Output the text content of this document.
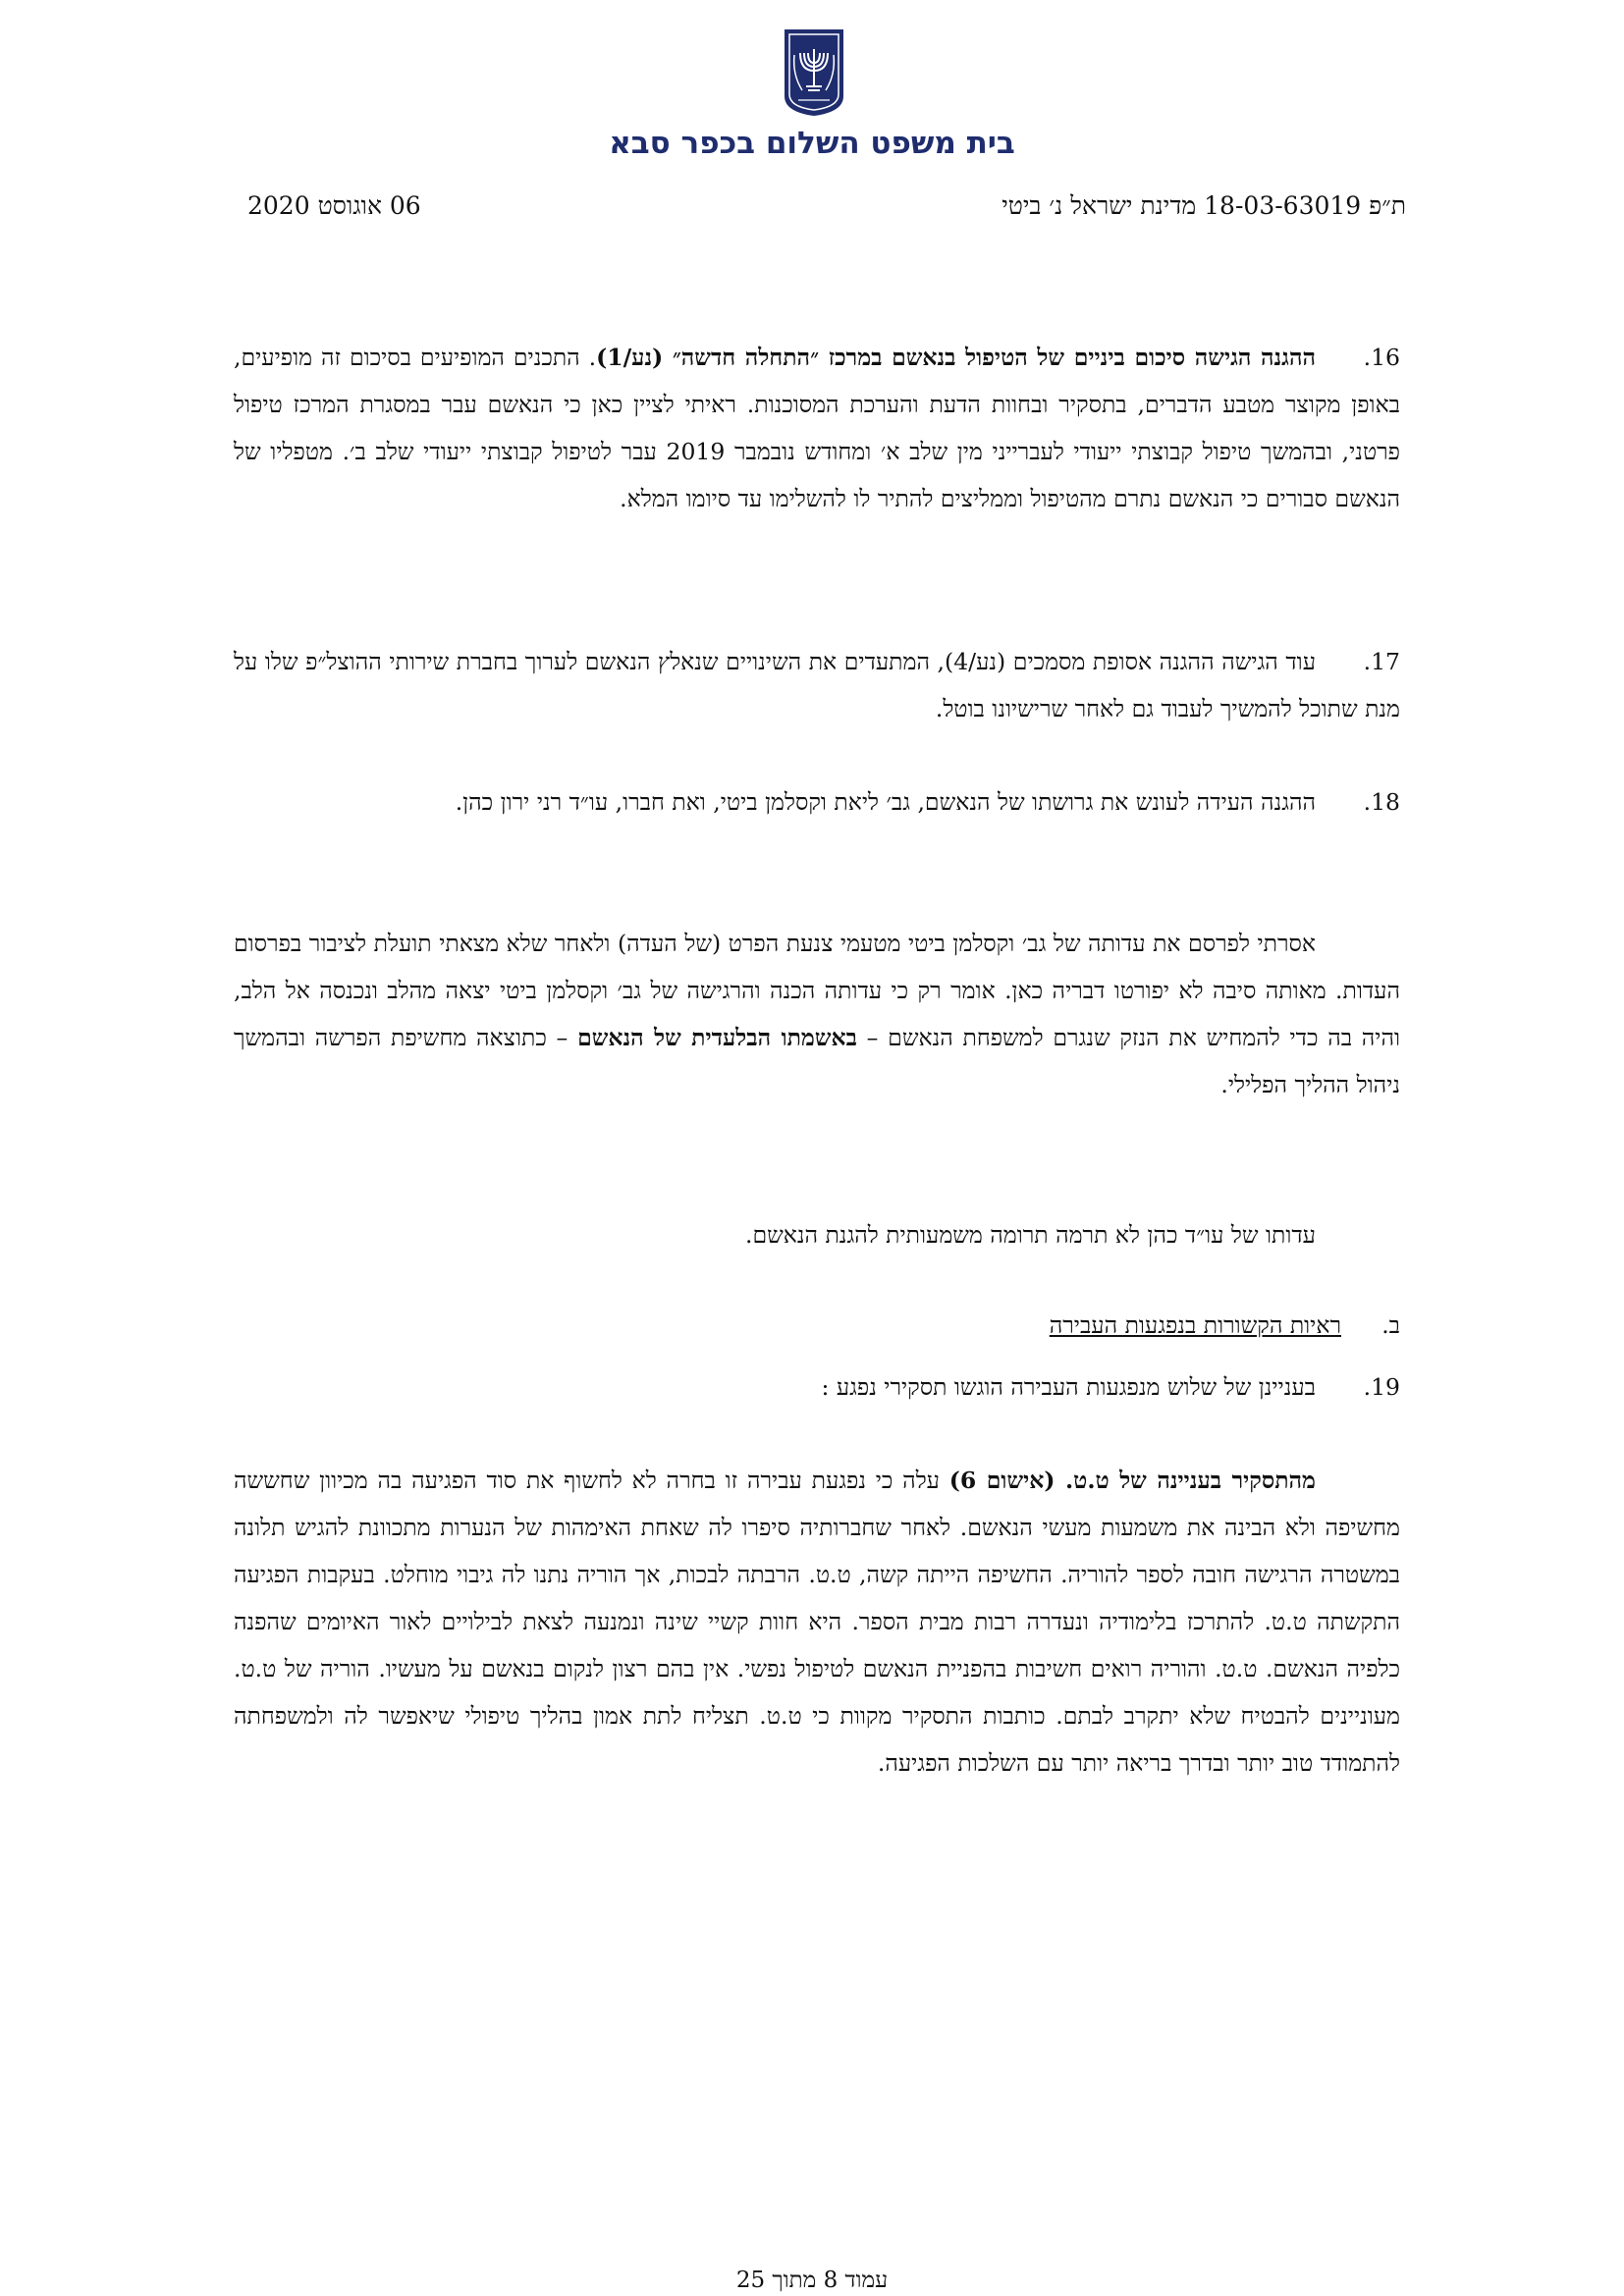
בית משפט השלום בכפר סבא
ת״פ 18-03-63019 מדינת ישראל נ׳ ביטי
06 אוגוסט 2020
16.ההגנה הגישה סיכום ביניים של הטיפול בנאשם במרכז ״התחלה חדשה״ (נע/1). התכנים המופיעים בסיכום זה מופיעים, באופן מקוצר מטבע הדברים, בתסקיר ובחוות הדעת והערכת המסוכנות. ראיתי לציין כאן כי הנאשם עבר במסגרת המרכז טיפול פרטני, ובהמשך טיפול קבוצתי ייעודי לעברייני מין שלב א׳ ומחודש נובמבר 2019 עבר לטיפול קבוצתי ייעודי שלב ב׳. מטפליו של הנאשם סבורים כי הנאשם נתרם מהטיפול וממליצים להתיר לו להשלימו עד סיומו המלא.
17.עוד הגישה ההגנה אסופת מסמכים (נע/4), המתעדים את השינויים שנאלץ הנאשם לערוך בחברת שירותי ההוצל״פ שלו על מנת שתוכל להמשיך לעבוד גם לאחר שרישיונו בוטל.
18.ההגנה העידה לעונש את גרושתו של הנאשם, גב׳ ליאת וקסלמן ביטי, ואת חברו, עו״ד רני ירון כהן.
אסרתי לפרסם את עדותה של גב׳ וקסלמן ביטי מטעמי צנעת הפרט (של העדה) ולאחר שלא מצאתי תועלת לציבור בפרסום העדות. מאותה סיבה לא יפורטו דבריה כאן. אומר רק כי עדותה הכנה והרגישה של גב׳ וקסלמן ביטי יצאה מהלב ונכנסה אל הלב, והיה בה כדי להמחיש את הנזק שנגרם למשפחת הנאשם – באשמתו הבלעדית של הנאשם – כתוצאה מחשיפת הפרשה ובהמשך ניהול ההליך הפלילי.
עדותו של עו״ד כהן לא תרמה תרומה משמעותית להגנת הנאשם.
ב.ראיות הקשורות בנפגעות העבירה
19.בעניינן של שלוש מנפגעות העבירה הוגשו תסקירי נפגע :
מהתסקיר בעניינה של ט.ט. (אישום 6) עלה כי נפגעת עבירה זו בחרה לא לחשוף את סוד הפגיעה בה מכיוון שחששה מחשיפה ולא הבינה את משמעות מעשי הנאשם. לאחר שחברותיה סיפרו לה שאחת האימהות של הנערות מתכוונת להגיש תלונה במשטרה הרגישה חובה לספר להוריה. החשיפה הייתה קשה, ט.ט. הרבתה לבכות, אך הוריה נתנו לה גיבוי מוחלט. בעקבות הפגיעה התקשתה ט.ט. להתרכז בלימודיה ונעדרה רבות מבית הספר. היא חוות קשיי שינה ונמנעה לצאת לבילויים לאור האיומים שהפנה כלפיה הנאשם. ט.ט. והוריה רואים חשיבות בהפניית הנאשם לטיפול נפשי. אין בהם רצון לנקום בנאשם על מעשיו. הוריה של ט.ט. מעוניינים להבטיח שלא יתקרב לבתם. כותבות התסקיר מקוות כי ט.ט. תצליח לתת אמון בהליך טיפולי שיאפשר לה ולמשפחתה להתמודד טוב יותר ובדרך בריאה יותר עם השלכות הפגיעה.
עמוד 8 מתוך 25
